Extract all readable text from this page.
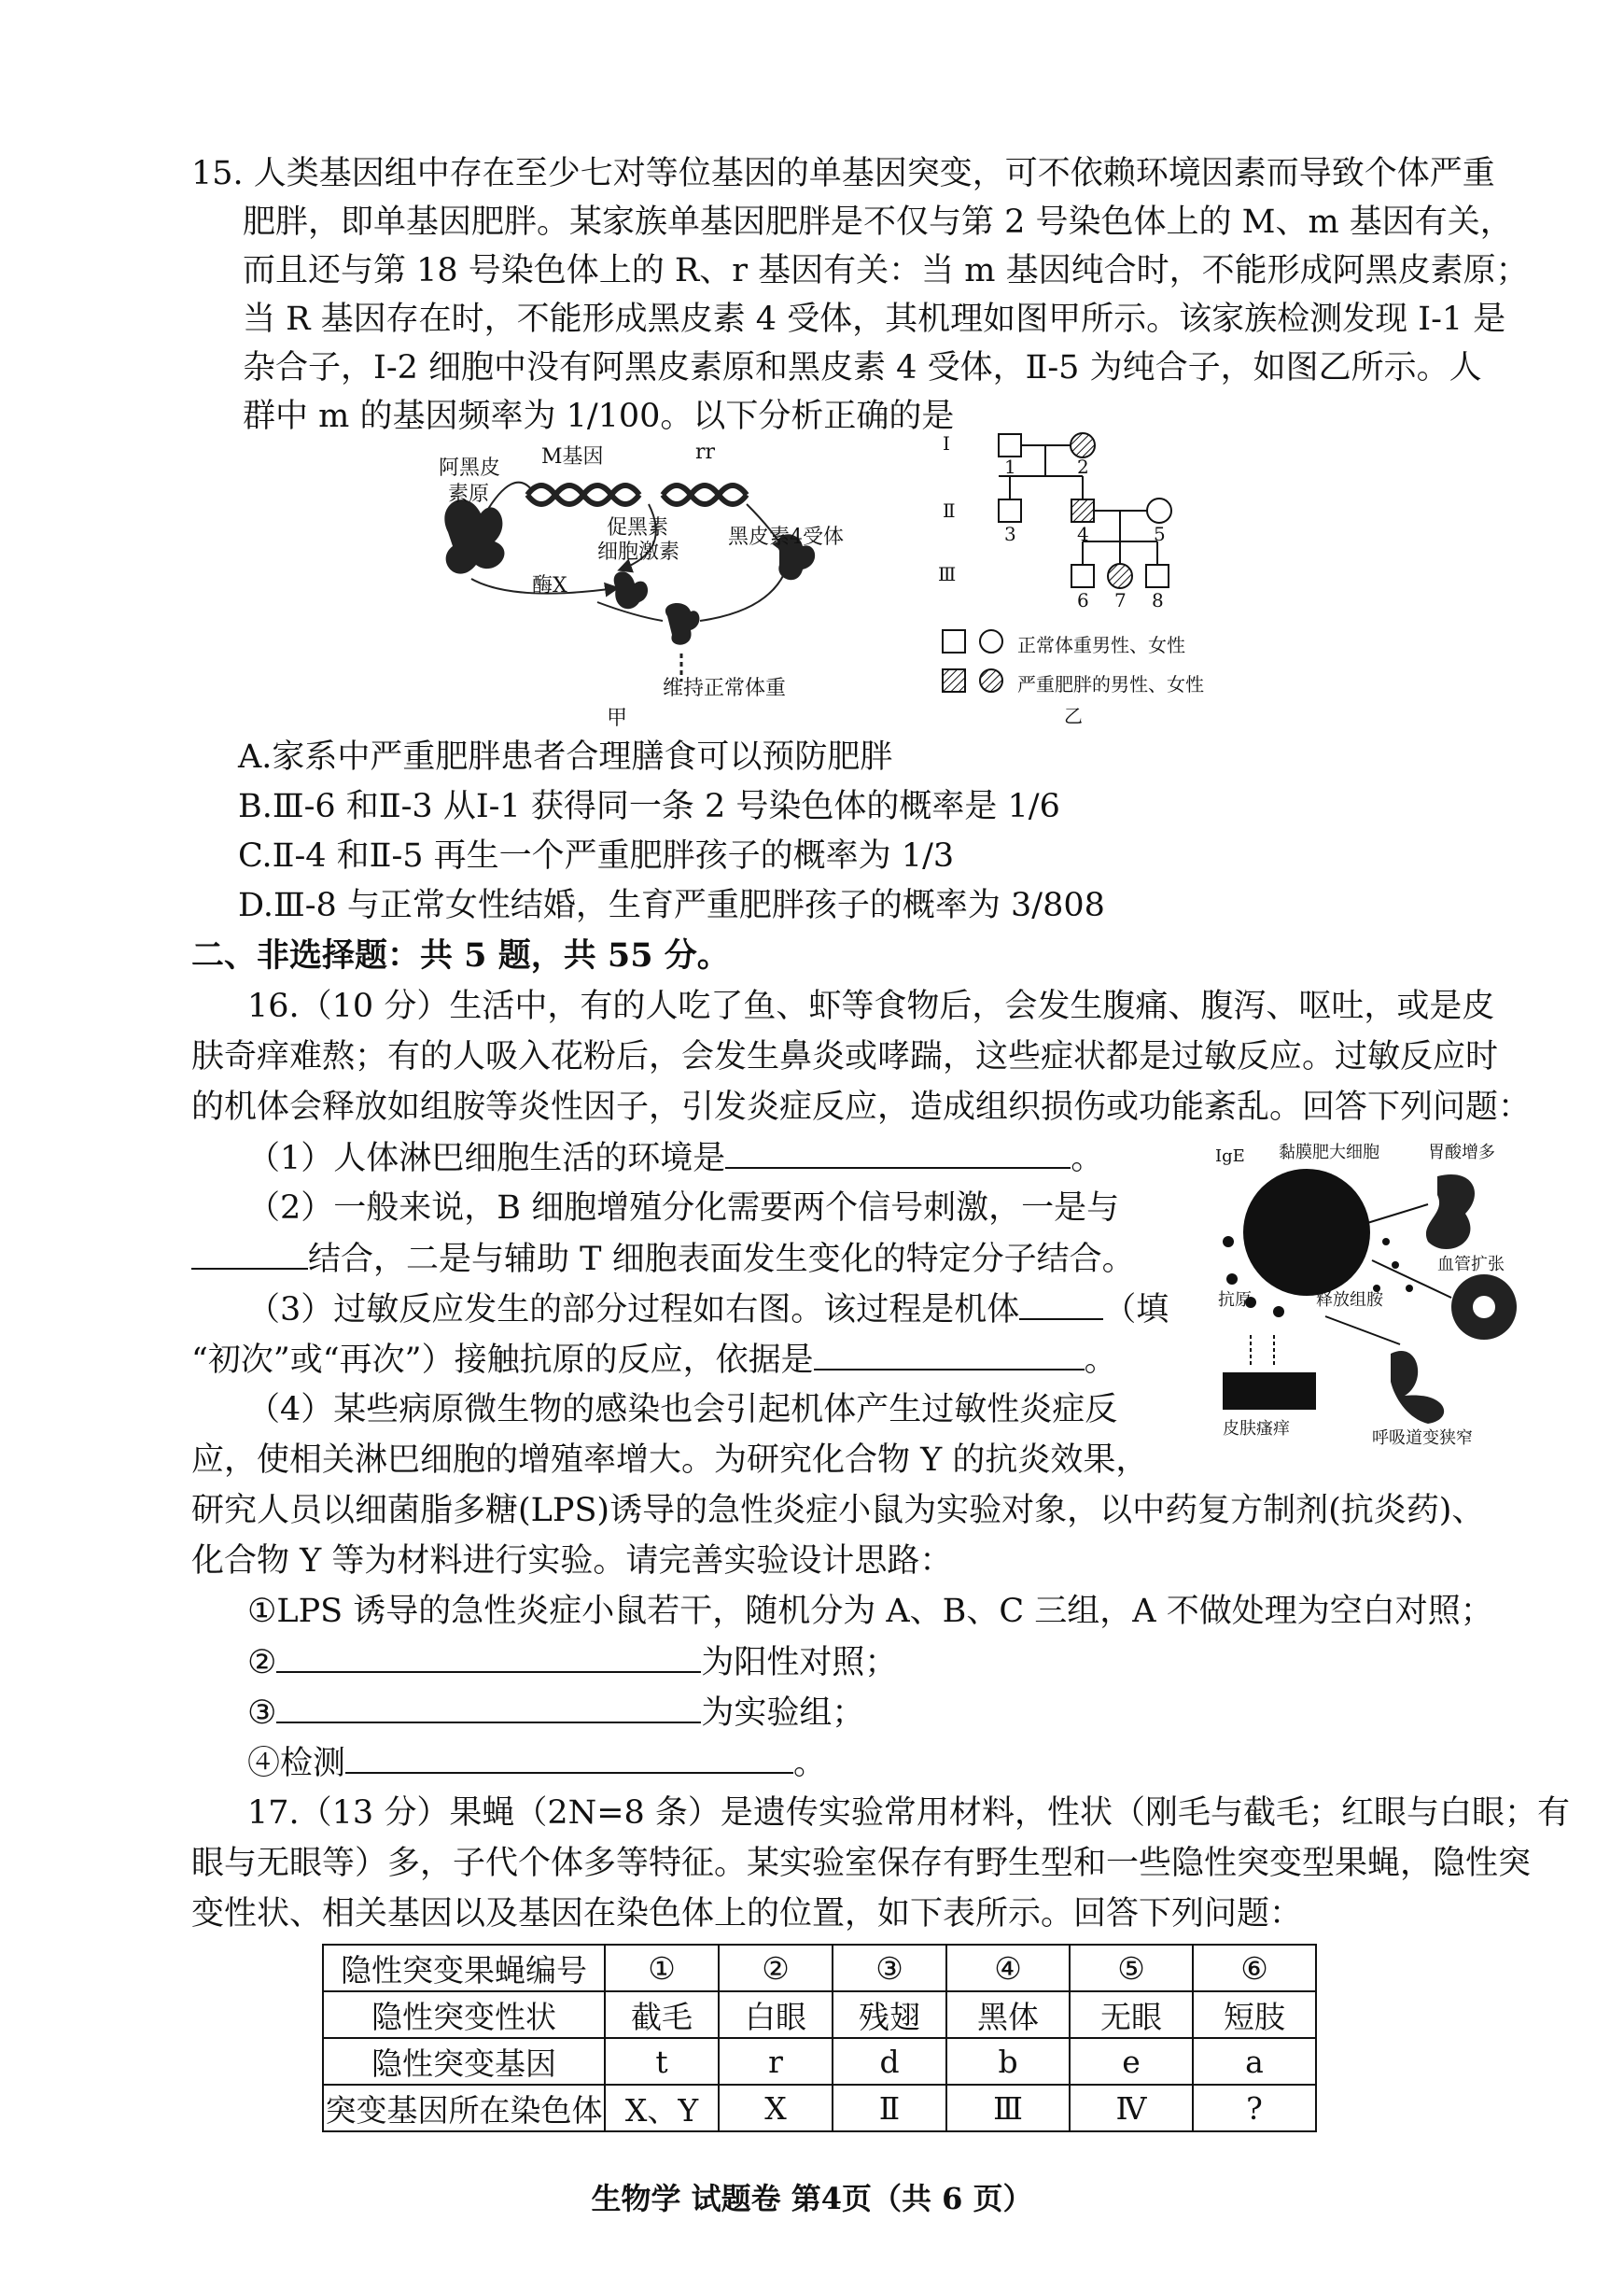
15. 人类基因组中存在至少七对等位基因的单基因突变，可不依赖环境因素而导致个体严重
肥胖，即单基因肥胖。某家族单基因肥胖是不仅与第 2 号染色体上的 M、m 基因有关，
而且还与第 18 号染色体上的 R、r 基因有关：当 m 基因纯合时，不能形成阿黑皮素原；
当 R 基因存在时，不能形成黑皮素 4 受体，其机理如图甲所示。该家族检测发现 Ⅰ-1 是
杂合子，Ⅰ-2 细胞中没有阿黑皮素原和黑皮素 4 受体，Ⅱ-5 为纯合子，如图乙所示。人
群中 m 的基因频率为 1/100。以下分析正确的是
阿黑皮
素原
M基因	rr
促黑素
细胞激素
黑皮素4受体
酶X
维持正常体重
甲
Ⅰ
Ⅱ
Ⅲ
1	2
3	4	5
6 7 8
正常体重男性、女性
严重肥胖的男性、女性
乙
A.家系中严重肥胖患者合理膳食可以预防肥胖
B.Ⅲ-6 和Ⅱ-3 从Ⅰ-1 获得同一条 2 号染色体的概率是 1/6
C.Ⅱ-4 和Ⅱ-5 再生一个严重肥胖孩子的概率为 1/3
D.Ⅲ-8 与正常女性结婚，生育严重肥胖孩子的概率为 3/808
二、非选择题：共 5 题，共 55 分。
16.（10 分）生活中，有的人吃了鱼、虾等食物后，会发生腹痛、腹泻、呕吐，或是皮
肤奇痒难熬；有的人吸入花粉后，会发生鼻炎或哮踹，这些症状都是过敏反应。过敏反应时
的机体会释放如组胺等炎性因子，引发炎症反应，造成组织损伤或功能紊乱。回答下列问题：
（1）人体淋巴细胞生活的环境是	。
（2）一般来说，B 细胞增殖分化需要两个信号刺激，一是与
结合，二是与辅助 T 细胞表面发生变化的特定分子结合。
（3）过敏反应发生的部分过程如右图。该过程是机体	（填
“初次”或“再次”）接触抗原的反应，依据是	。
（4）某些病原微生物的感染也会引起机体产生过敏性炎症反
应，使相关淋巴细胞的增殖率增大。为研究化合物 Y 的抗炎效果，
研究人员以细菌脂多糖(LPS)诱导的急性炎症小鼠为实验对象，以中药复方制剂(抗炎药)、
化合物 Y 等为材料进行实验。请完善实验设计思路：
①LPS 诱导的急性炎症小鼠若干，随机分为 A、B、C 三组，A 不做处理为空白对照；
②	为阳性对照；
③	为实验组；
④检测	。
IgE 黏膜肥大细胞	胃酸增多
血管扩张
抗原	释放组胺
皮肤瘙痒	呼吸道变狭窄
17.（13 分）果蝇（2N=8 条）是遗传实验常用材料，性状（刚毛与截毛；红眼与白眼；有
眼与无眼等）多，子代个体多等特征。某实验室保存有野生型和一些隐性突变型果蝇，隐性突
变性状、相关基因以及基因在染色体上的位置，如下表所示。回答下列问题：
隐性突变果蝇编号	①	②	③	④	⑤	⑥
隐性突变性状	截毛	白眼	残翅	黑体	无眼	短肢
隐性突变基因	t	r	d	b	e	a
突变基因所在染色体	X、Y	X	Ⅱ	Ⅲ	Ⅳ	?
生物学 试题卷 第4页（共 6 页）
